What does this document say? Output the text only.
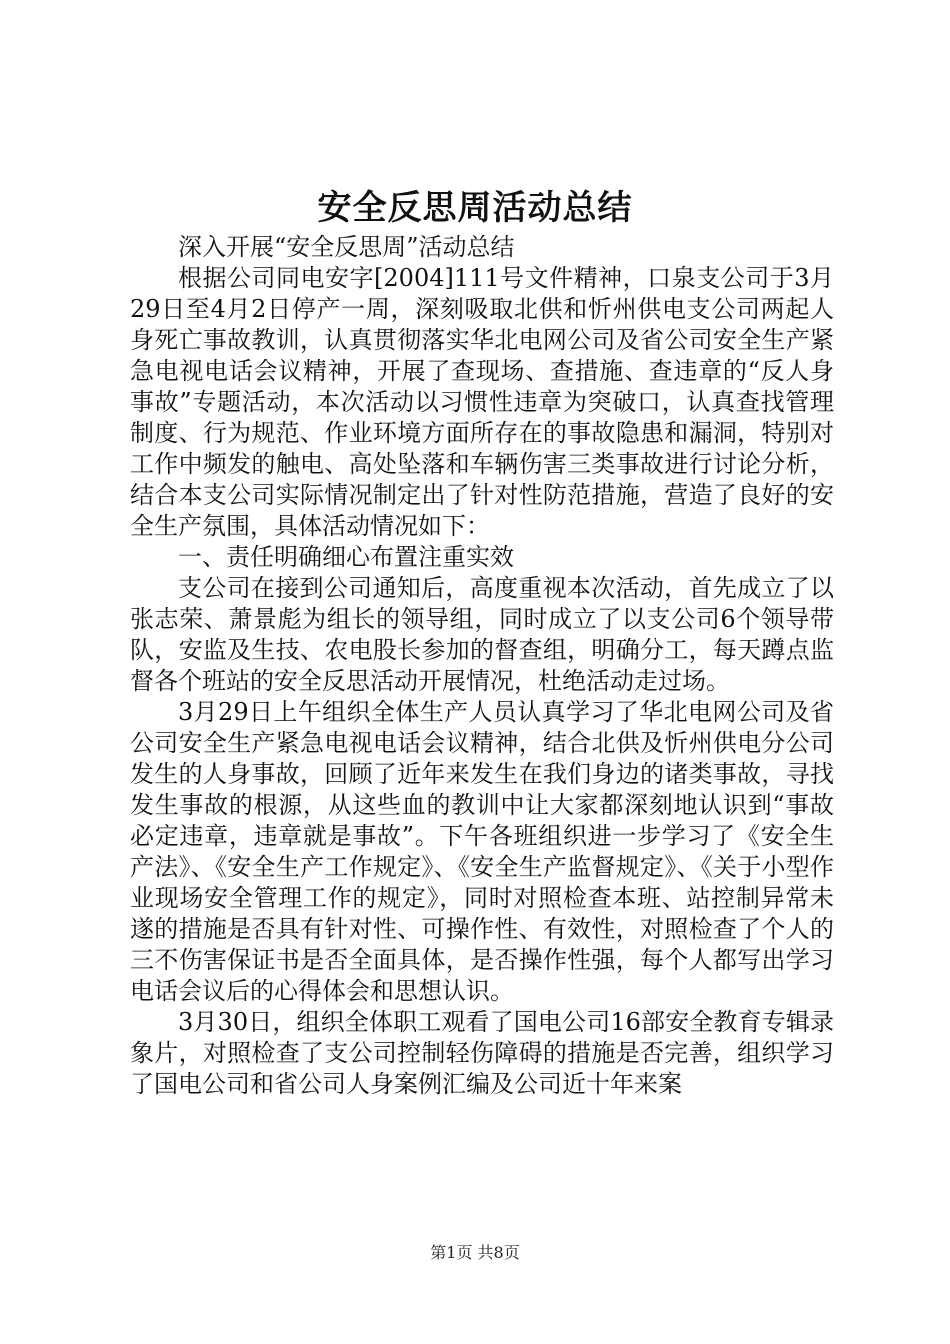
安全反思周活动总结

深入开展“安全反思周”活动总结

根据公司同电安字[2004]111号文件精神，口泉支公司于3月29日至4月2日停产一周，深刻吸取北供和忻州供电支公司两起人身死亡事故教训，认真贯彻落实华北电网公司及省公司安全生产紧急电视电话会议精神，开展了查现场、查措施、查违章的“反人身事故”专题活动，本次活动以习惯性违章为突破口，认真查找管理制度、行为规范、作业环境方面所存在的事故隐患和漏洞，特别对工作中频发的触电、高处坠落和车辆伤害三类事故进行讨论分析，结合本支公司实际情况制定出了针对性防范措施，营造了良好的安全生产氛围，具体活动情况如下：

一、责任明确细心布置注重实效

支公司在接到公司通知后，高度重视本次活动，首先成立了以张志荣、萧景彪为组长的领导组，同时成立了以支公司6个领导带队，安监及生技、农电股长参加的督查组，明确分工，每天蹲点监督各个班站的安全反思活动开展情况，杜绝活动走过场。

3月29日上午组织全体生产人员认真学习了华北电网公司及省公司安全生产紧急电视电话会议精神，结合北供及忻州供电分公司发生的人身事故，回顾了近年来发生在我们身边的诸类事故，寻找发生事故的根源，从这些血的教训中让大家都深刻地认识到“事故必定违章，违章就是事故”。下午各班组织进一步学习了《安全生产法》、《安全生产工作规定》、《安全生产监督规定》、《关于小型作业现场安全管理工作的规定》，同时对照检查本班、站控制异常未遂的措施是否具有针对性、可操作性、有效性，对照检查了个人的三不伤害保证书是否全面具体，是否操作性强，每个人都写出学习电话会议后的心得体会和思想认识。

3月30日，组织全体职工观看了国电公司16部安全教育专辑录象片，对照检查了支公司控制轻伤障碍的措施是否完善，组织学习了国电公司和省公司人身案例汇编及公司近十年来案

第1页 共8页
